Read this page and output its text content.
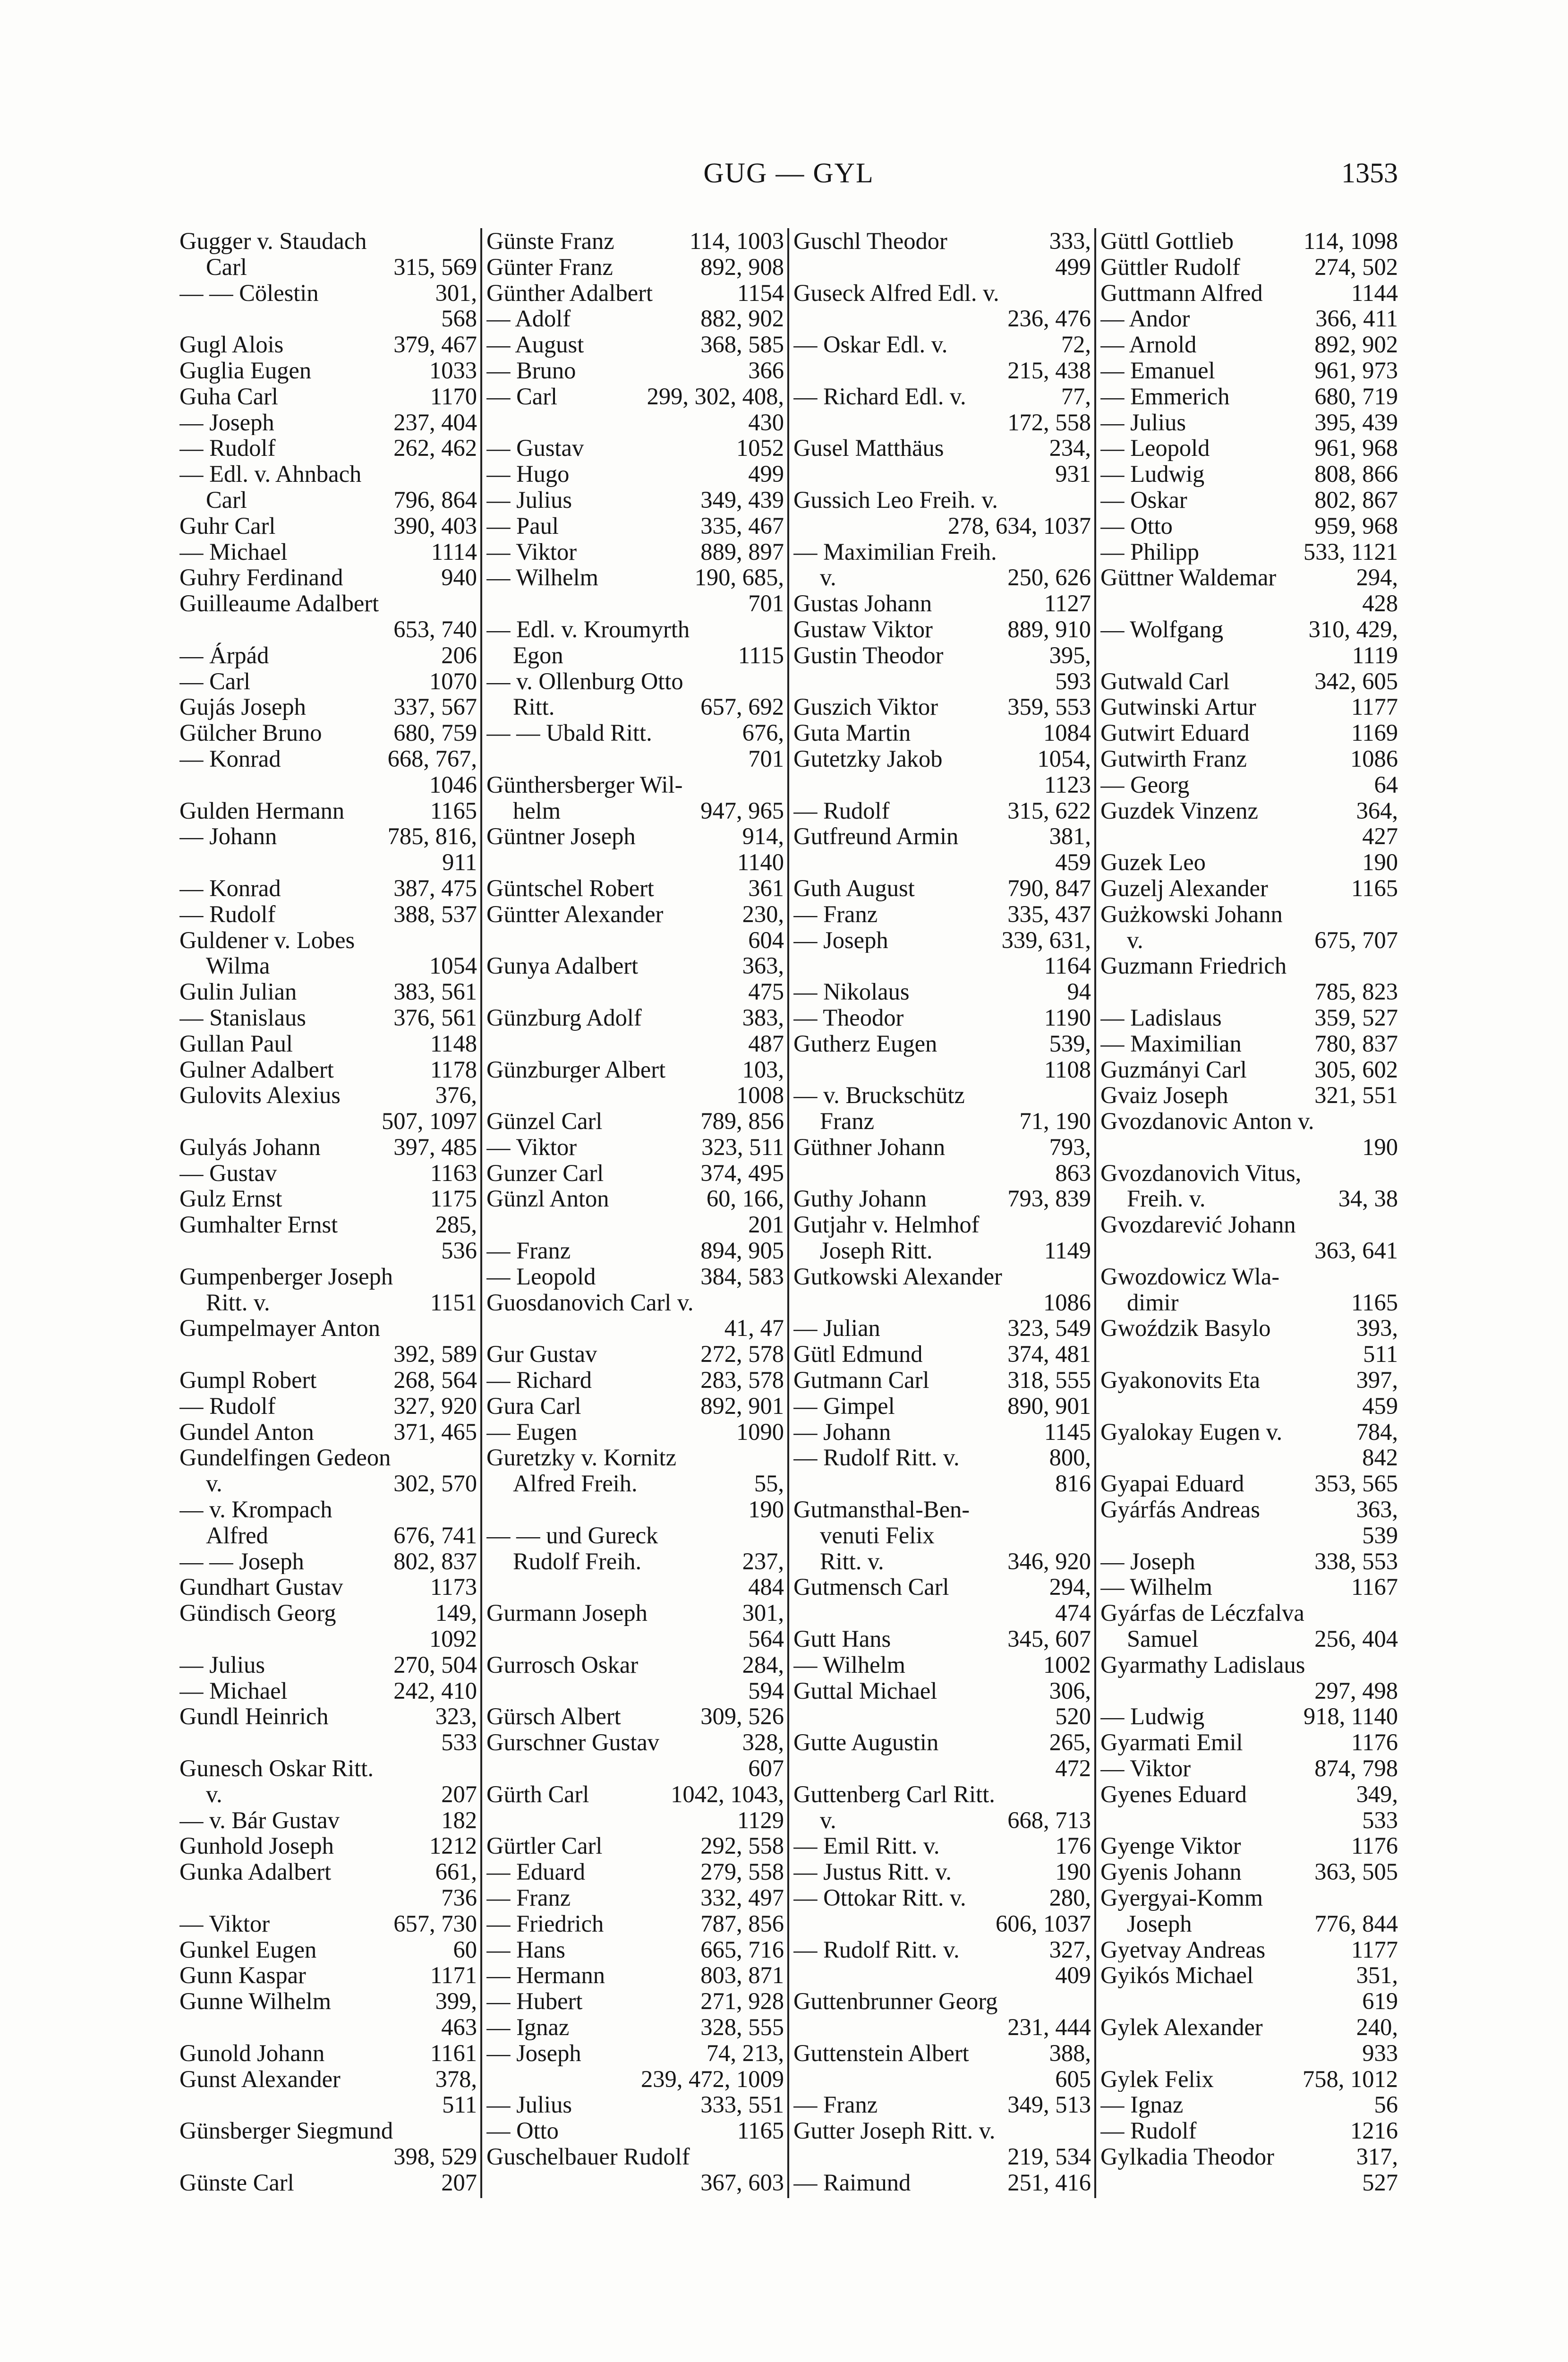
GUG — GYL	1353
Gugger v. Staudach
Carl	315, 569
— — Cölestin	301,
568
Gugl Alois	379, 467
Guglia Eugen	1033
Guha Carl	1170
— Joseph	237, 404
— Rudolf	262, 462
— Edl. v. Ahnbach
Carl	796, 864
Guhr Carl	390, 403
— Michael	1114
Guhry Ferdinand	940
Guilleaume Adalbert
653, 740
— Árpád	206
— Carl	1070
Gujás Joseph	337, 567
Gülcher Bruno	680, 759
— Konrad	668, 767,
1046
Gulden Hermann	1165
— Johann	785, 816,
911
— Konrad	387, 475
— Rudolf	388, 537
Guldener v. Lobes
Wilma	1054
Gulin Julian	383, 561
— Stanislaus	376, 561
Gullan Paul	1148
Gulner Adalbert	1178
Gulovits Alexius	376,
507, 1097
Gulyás Johann	397, 485
— Gustav	1163
Gulz Ernst	1175
Gumhalter Ernst	285,
536
Gumpenberger Joseph
Ritt. v.	1151
Gumpelmayer Anton
392, 589
Gumpl Robert	268, 564
— Rudolf	327, 920
Gundel Anton	371, 465
Gundelfingen Gedeon
v.	302, 570
— v. Krompach
Alfred	676, 741
— — Joseph	802, 837
Gundhart Gustav	1173
Gündisch Georg	149,
1092
— Julius	270, 504
— Michael	242, 410
Gundl Heinrich	323,
533
Gunesch Oskar Ritt.
v.	207
— v. Bár Gustav	182
Gunhold Joseph	1212
Gunka Adalbert	661,
736
— Viktor	657, 730
Gunkel Eugen	60
Gunn Kaspar	1171
Gunne Wilhelm	399,
463
Gunold Johann	1161
Gunst Alexander	378,
511
Günsberger Siegmund
398, 529
Günste Carl	207
Günste Franz	114, 1003
Günter Franz	892, 908
Günther Adalbert	1154
— Adolf	882, 902
— August	368, 585
— Bruno	366
— Carl	299, 302, 408,
430
— Gustav	1052
— Hugo	499
— Julius	349, 439
— Paul	335, 467
— Viktor	889, 897
— Wilhelm	190, 685,
701
— Edl. v. Kroumyrth
Egon	1115
— v. Ollenburg Otto
Ritt.	657, 692
— — Ubald Ritt.	676,
701
Günthersberger Wil-
helm	947, 965
Güntner Joseph	914,
1140
Güntschel Robert	361
Güntter Alexander	230,
604
Gunya Adalbert	363,
475
Günzburg Adolf	383,
487
Günzburger Albert	103,
1008
Günzel Carl	789, 856
— Viktor	323, 511
Gunzer Carl	374, 495
Günzl Anton	60, 166,
201
— Franz	894, 905
— Leopold	384, 583
Guosdanovich Carl v.
41, 47
Gur Gustav	272, 578
— Richard	283, 578
Gura Carl	892, 901
— Eugen	1090
Guretzky v. Kornitz
Alfred Freih.	55,
190
— — und Gureck
Rudolf Freih.	237,
484
Gurmann Joseph	301,
564
Gurrosch Oskar	284,
594
Gürsch Albert	309, 526
Gurschner Gustav	328,
607
Gürth Carl	1042, 1043,
1129
Gürtler Carl	292, 558
— Eduard	279, 558
— Franz	332, 497
— Friedrich	787, 856
— Hans	665, 716
— Hermann	803, 871
— Hubert	271, 928
— Ignaz	328, 555
— Joseph	74, 213,
239, 472, 1009
— Julius	333, 551
— Otto	1165
Guschelbauer Rudolf
367, 603
Guschl Theodor	333,
499
Guseck Alfred Edl. v.
236, 476
— Oskar Edl. v.	72,
215, 438
— Richard Edl. v.	77,
172, 558
Gusel Matthäus	234,
931
Gussich Leo Freih. v.
278, 634, 1037
— Maximilian Freih.
v.	250, 626
Gustas Johann	1127
Gustaw Viktor	889, 910
Gustin Theodor	395,
593
Guszich Viktor	359, 553
Guta Martin	1084
Gutetzky Jakob	1054,
1123
— Rudolf	315, 622
Gutfreund Armin	381,
459
Guth August	790, 847
— Franz	335, 437
— Joseph	339, 631,
1164
— Nikolaus	94
— Theodor	1190
Gutherz Eugen	539,
1108
— v. Bruckschütz
Franz	71, 190
Güthner Johann	793,
863
Guthy Johann	793, 839
Gutjahr v. Helmhof
Joseph Ritt.	1149
Gutkowski Alexander
1086
— Julian	323, 549
Gütl Edmund	374, 481
Gutmann Carl	318, 555
— Gimpel	890, 901
— Johann	1145
— Rudolf Ritt. v.	800,
816
Gutmansthal-Ben-
venuti Felix
Ritt. v.	346, 920
Gutmensch Carl	294,
474
Gutt Hans	345, 607
— Wilhelm	1002
Guttal Michael	306,
520
Gutte Augustin	265,
472
Guttenberg Carl Ritt.
v.	668, 713
— Emil Ritt. v.	176
— Justus Ritt. v.	190
— Ottokar Ritt. v.	280,
606, 1037
— Rudolf Ritt. v.	327,
409
Guttenbrunner Georg
231, 444
Guttenstein Albert	388,
605
— Franz	349, 513
Gutter Joseph Ritt. v.
219, 534
— Raimund	251, 416
Güttl Gottlieb	114, 1098
Güttler Rudolf	274, 502
Guttmann Alfred	1144
— Andor	366, 411
— Arnold	892, 902
— Emanuel	961, 973
— Emmerich	680, 719
— Julius	395, 439
— Leopold	961, 968
— Ludwig	808, 866
— Oskar	802, 867
— Otto	959, 968
— Philipp	533, 1121
Güttner Waldemar	294,
428
— Wolfgang	310, 429,
1119
Gutwald Carl	342, 605
Gutwinski Artur	1177
Gutwirt Eduard	1169
Gutwirth Franz	1086
— Georg	64
Guzdek Vinzenz	364,
427
Guzek Leo	190
Guzelj Alexander	1165
Gużkowski Johann
v.	675, 707
Guzmann Friedrich
785, 823
— Ladislaus	359, 527
— Maximilian	780, 837
Guzmányi Carl	305, 602
Gvaiz Joseph	321, 551
Gvozdanovic Anton v.
190
Gvozdanovich Vitus,
Freih. v.	34, 38
Gvozdarević Johann
363, 641
Gwozdowicz Wla-
dimir	1165
Gwoździk Basylo	393,
511
Gyakonovits Eta	397,
459
Gyalokay Eugen v.	784,
842
Gyapai Eduard	353, 565
Gyárfás Andreas	363,
539
— Joseph	338, 553
— Wilhelm	1167
Gyárfas de Léczfalva
Samuel	256, 404
Gyarmathy Ladislaus
297, 498
— Ludwig	918, 1140
Gyarmati Emil	1176
— Viktor	874, 798
Gyenes Eduard	349,
533
Gyenge Viktor	1176
Gyenis Johann	363, 505
Gyergyai-Komm
Joseph	776, 844
Gyetvay Andreas	1177
Gyikós Michael	351,
619
Gylek Alexander	240,
933
Gylek Felix	758, 1012
— Ignaz	56
— Rudolf	1216
Gylkadia Theodor	317,
527
